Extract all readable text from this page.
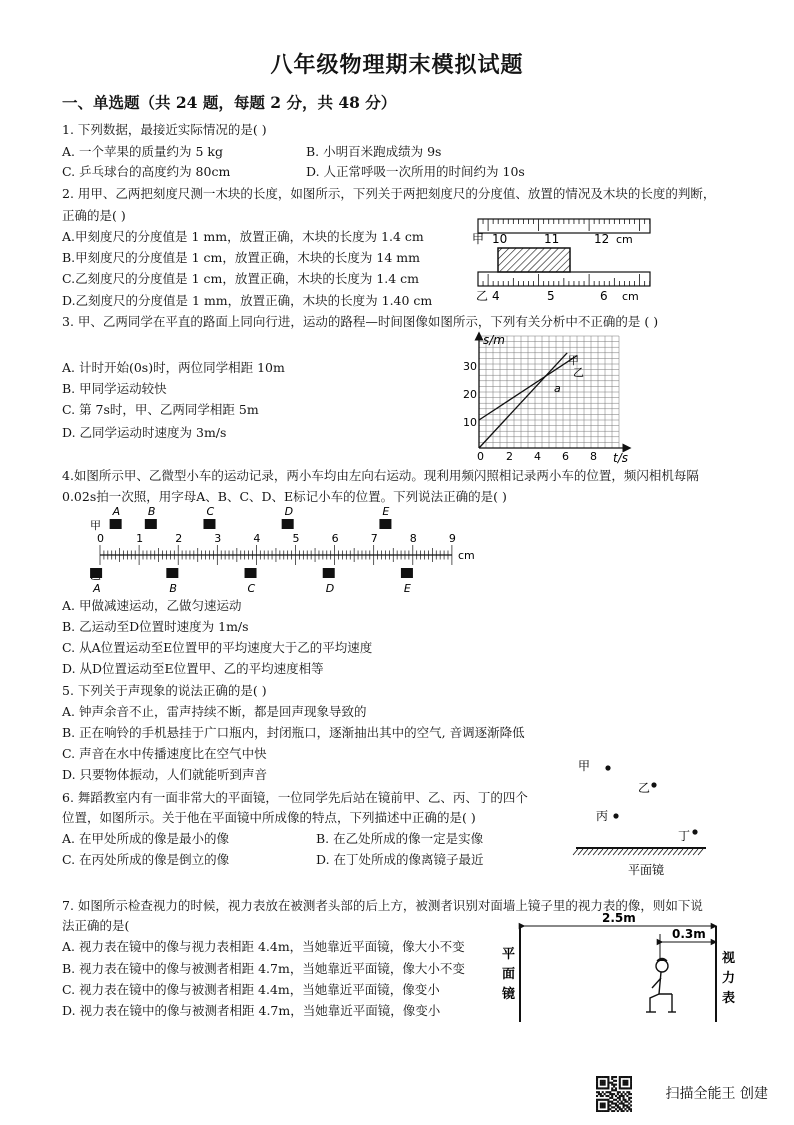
八年级物理期末模拟试题
一、单选题（共 24 题，每题 2 分，共 48 分）
1. 下列数据，最接近实际情况的是( )
A. 一个苹果的质量约为 5 kg	B. 小明百米跑成绩为 9s
C. 乒乓球台的高度约为 80cm	D. 人正常呼吸一次所用的时间约为 10s
2. 用甲、乙两把刻度尺测一木块的长度，如图所示，下列关于两把刻度尺的分度值、放置的情况及木块的长度的判断，
正确的是( )
A.甲刻度尺的分度值是 1 mm，放置正确，木块的长度为 1.4 cm
B.甲刻度尺的分度值是 1 cm，放置正确，木块的长度为 14 mm
C.乙刻度尺的分度值是 1 cm，放置正确，木块的长度为 1.4 cm
D.乙刻度尺的分度值是 1 mm，放置正确，木块的长度为 1.40 cm
甲 10	11	12 cm
乙 4	5	6 cm
3. 甲、乙两同学在平直的路面上同向行进，运动的路程—时间图像如图所示，下列有关分析中不正确的是 ( )
A. 计时开始(0s)时，两位同学相距 10m
B. 甲同学运动较快
C. 第 7s时，甲、乙两同学相距 5m
D. 乙同学运动时速度为 3m/s
s/m
t/s
10
20
30
0 2 4 6 8
甲
乙
a
4.如图所示甲、乙微型小车的运动记录，两小车均由左向右运动。现利用频闪照相记录两小车的位置，频闪相机每隔
0.02s拍一次照，用字母A、B、C、D、E标记小车的位置。下列说法正确的是( )
甲
0	1	2	3	4	5	6	7	8	9
cm
A	B	C	D	E
A	B	C	D	E
A. 甲做减速运动，乙做匀速运动
B. 乙运动至D位置时速度为 1m/s
C. 从A位置运动至E位置甲的平均速度大于乙的平均速度
D. 从D位置运动至E位置甲、乙的平均速度相等
5. 下列关于声现象的说法正确的是( )
A. 钟声余音不止，雷声持续不断，都是回声现象导致的
B. 正在响铃的手机悬挂于广口瓶内，封闭瓶口，逐渐抽出其中的空气, 音调逐渐降低
C. 声音在水中传播速度比在空气中快
D. 只要物体振动，人们就能听到声音
6. 舞蹈教室内有一面非常大的平面镜，一位同学先后站在镜前甲、乙、丙、丁的四个
位置，如图所示。关于他在平面镜中所成像的特点，下列描述中正确的是( )
A. 在甲处所成的像是最小的像	B. 在乙处所成的像一定是实像
C. 在丙处所成的像是倒立的像	D. 在丁处所成的像离镜子最近
甲
乙
丙
丁
平面镜
7. 如图所示检查视力的时候，视力表放在被测者头部的后上方，被测者识别对面墙上镜子里的视力表的像，则如下说
法正确的是(
A. 视力表在镜中的像与视力表相距 4.4m，当她靠近平面镜，像大小不变
B. 视力表在镜中的像与被测者相距 4.7m，当她靠近平面镜，像大小不变
C. 视力表在镜中的像与被测者相距 4.4m，当她靠近平面镜，像变小
D. 视力表在镜中的像与被测者相距 4.7m，当她靠近平面镜，像变小
2.5m
0.3m
平
面
镜
视
力
表
扫描全能王 创建
